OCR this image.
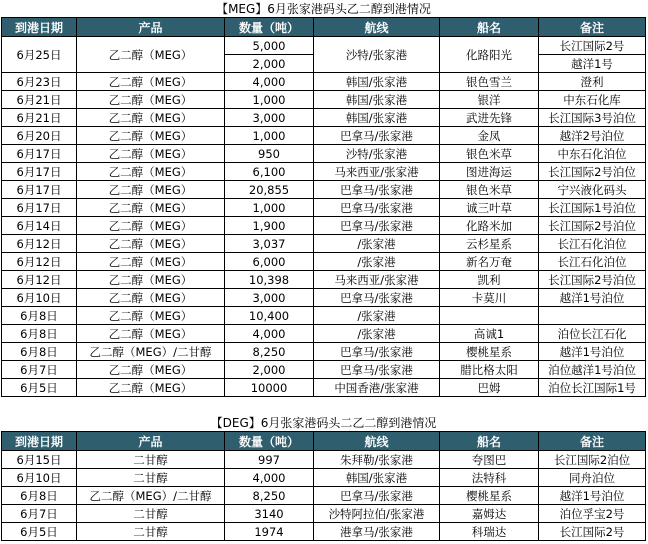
【MEG】6月张家港码头乙二醇到港情况					
到港日期	产品	数量（吨）	航线	船名	备注
6月25日	乙二醇（MEG）	5,000	沙特/张家港	化路阳光	长江国际2号
		2,000			越洋1号
6月23日	乙二醇（MEG）	4,000	韩国/张家港	银色雪兰	澄利
6月21日	乙二醇（MEG）	1,000	韩国/张家港	银洋	中东石化库
6月21日	乙二醇（MEG）	3,000	韩国/张家港	武进先锋	长江国际3号泊位
6月20日	乙二醇（MEG）	1,000	巴拿马/张家港	金凤	越洋2号泊位
6月17日	乙二醇（MEG）	950	沙特/张家港	银色米草	中东石化泊位
6月17日	乙二醇（MEG）	6,100	马来西亚/张家港	图进海运	长江国际2号泊位
6月17日	乙二醇（MEG）	20,855	巴拿马/张家港	银色米草	宁兴液化码头
6月17日	乙二醇（MEG）	1,000	巴拿马/张家港	诚三叶草	长江国际1号泊位
6月14日	乙二醇（MEG）	1,900	巴拿马/张家港	化路米加	长江国际2号泊位
6月12日	乙二醇（MEG）	3,037	/张家港	云杉星系	长江石化泊位
6月12日	乙二醇（MEG）	6,000	/张家港	新名万奄	长江石化泊位
6月12日	乙二醇（MEG）	10,398	马来西亚/张家港	凯利	长江国际2号泊位
6月10日	乙二醇（MEG）	3,000	巴拿马/张家港	卡莫川	越洋1号泊位
6月8日	乙二醇（MEG）	10,400	/张家港		
6月8日	乙二醇（MEG）	4,000	/张家港	高诚1	泊位长江石化
6月8日	乙二醇（MEG）/二甘醇	8,250	巴拿马/张家港	樱桃星系	越洋1号泊位
6月7日	乙二醇（MEG）	2,000	巴拿马/张家港	腊比格太阳	泊位越洋1号泊位
6月5日	乙二醇（MEG）	10000	中国香港/张家港	巴姆	泊位长江国际1号
【DEG】6月张家港码头二乙二醇到港情况					
到港日期	产品	数量（吨）	航线	船名	备注
6月15日	二甘醇	997	朱拜勒/张家港	夸图巴	长江国际2泊位
6月10日	二甘醇	4,000	韩国/张家港	法特科	同舟泊位
6月8日	乙二醇（MEG）/二甘醇	8,250	巴拿马/张家港	樱桃星系	越洋1号泊位
6月7日	二甘醇	3140	沙特阿拉伯/张家港	嘉姆达	泊位孚宝2号
6月5日	二甘醇	1974	港拿马/张家港	科瑞达	长江国际2号
